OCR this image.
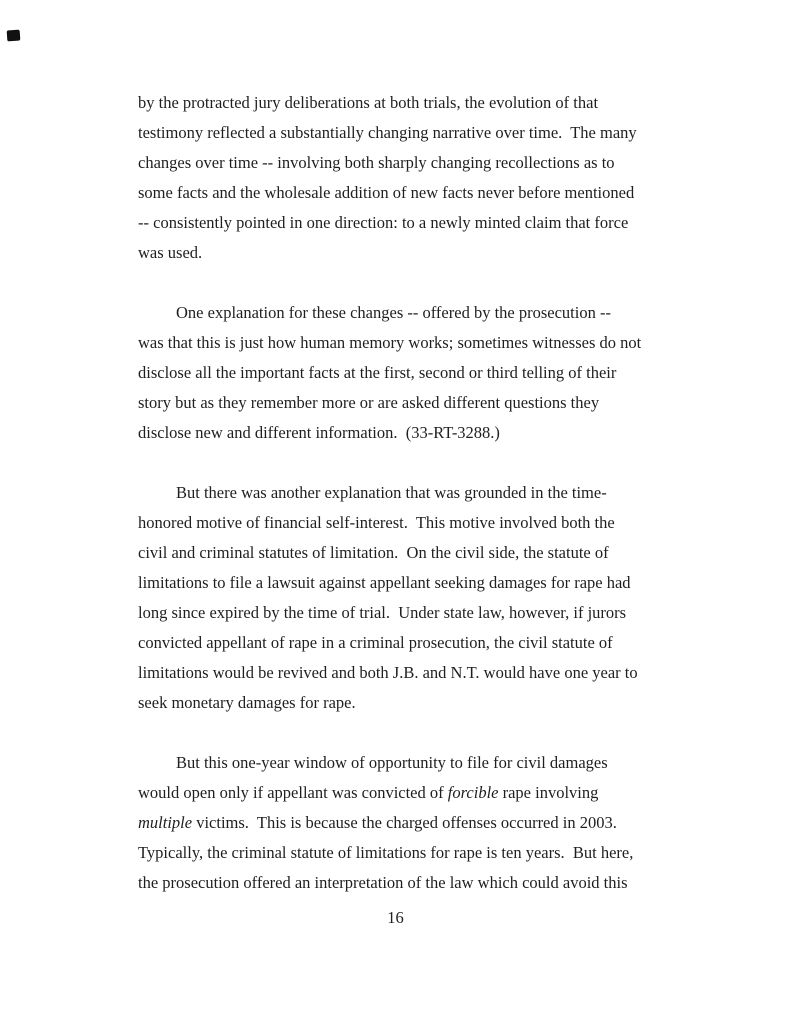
by the protracted jury deliberations at both trials, the evolution of that
testimony reflected a substantially changing narrative over time.  The many
changes over time -- involving both sharply changing recollections as to
some facts and the wholesale addition of new facts never before mentioned
-- consistently pointed in one direction: to a newly minted claim that force
was used.
One explanation for these changes -- offered by the prosecution --
was that this is just how human memory works; sometimes witnesses do not
disclose all the important facts at the first, second or third telling of their
story but as they remember more or are asked different questions they
disclose new and different information.  (33-RT-3288.)
But there was another explanation that was grounded in the time-
honored motive of financial self-interest.  This motive involved both the
civil and criminal statutes of limitation.  On the civil side, the statute of
limitations to file a lawsuit against appellant seeking damages for rape had
long since expired by the time of trial.  Under state law, however, if jurors
convicted appellant of rape in a criminal prosecution, the civil statute of
limitations would be revived and both J.B. and N.T. would have one year to
seek monetary damages for rape.
But this one-year window of opportunity to file for civil damages
would open only if appellant was convicted of forcible rape involving
multiple victims.  This is because the charged offenses occurred in 2003.
Typically, the criminal statute of limitations for rape is ten years.  But here,
the prosecution offered an interpretation of the law which could avoid this
16
